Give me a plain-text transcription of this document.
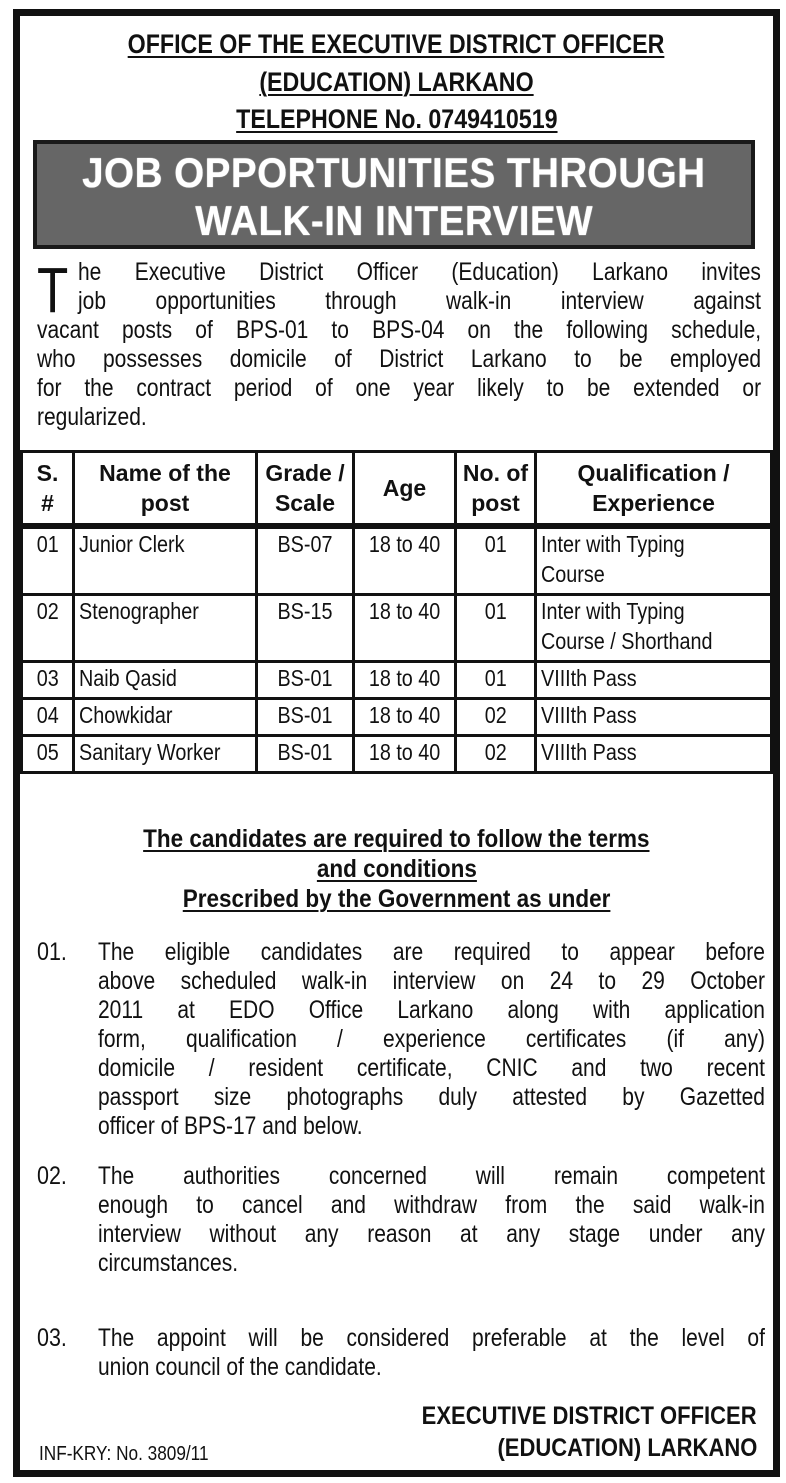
OFFICE OF THE EXECUTIVE DISTRICT OFFICER
(EDUCATION) LARKANO
TELEPHONE No. 0749410519
JOB OPPORTUNITIES THROUGH
WALK-IN INTERVIEW
T he Executive District Officer (Education) Larkano invites
job opportunities through walk-in interview against
vacant posts of BPS-01 to BPS-04 on the following schedule,
who possesses domicile of District Larkano to be employed
for the contract period of one year likely to be extended or
regularized.
S. #	Name of the post	Grade / Scale	Age	No. of post	Qualification / Experience
01	Junior Clerk	BS-07	18 to 40	01	Inter with Typing
Course
02	Stenographer	BS-15	18 to 40	01	Inter with Typing
Course / Shorthand
03	Naib Qasid	BS-01	18 to 40	01	VIIIth Pass
04	Chowkidar	BS-01	18 to 40	02	VIIIth Pass
05	Sanitary Worker	BS-01	18 to 40	02	VIIIth Pass
The candidates are required to follow the terms
and conditions
Prescribed by the Government as under
01. The eligible candidates are required to appear before
above scheduled walk-in interview on 24 to 29 October
2011 at EDO Office Larkano along with application
form, qualification / experience certificates (if any)
domicile / resident certificate, CNIC and two recent
passport size photographs duly attested by Gazetted
officer of BPS-17 and below.
02. The authorities concerned will remain competent
enough to cancel and withdraw from the said walk-in
interview without any reason at any stage under any
circumstances.
03. The appoint will be considered preferable at the level of
union council of the candidate.
EXECUTIVE DISTRICT OFFICER
(EDUCATION) LARKANO
INF-KRY: No. 3809/11
